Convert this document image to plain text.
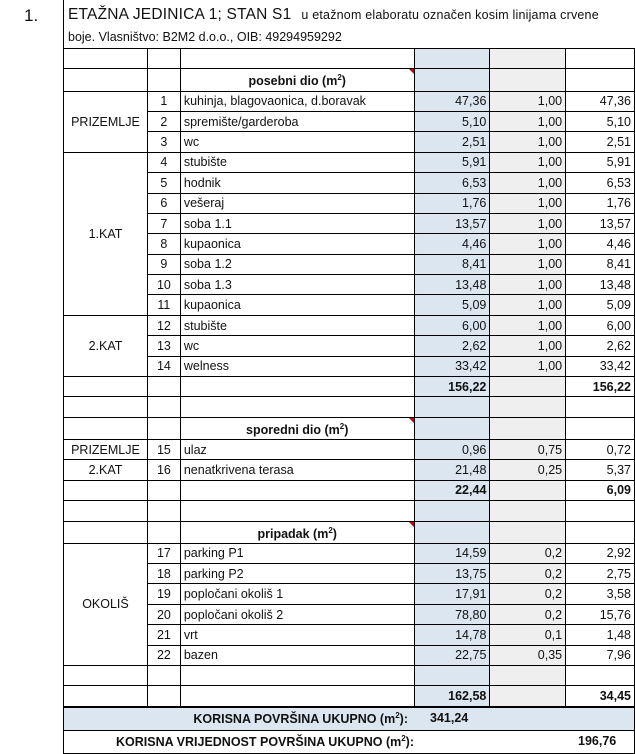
1. ETAŽNA JEDINICA 1; STAN S1 u etažnom elaboratu označen kosim linijama crvene
boje. Vlasništvo: B2M2 d.o.o., OIB: 49294959292

		posebni dio $(m^2)$			
PRIZEMLJE	1	kuhinja, blagovaonica, d.boravak	47,36	1,00	47,36
	2	spremište/garderoba	5,10	1,00	5,10
	3	wc	2,51	1,00	2,51
1.KAT	4	stubište	5,91	1,00	5,91
	5	hodnik	6,53	1,00	6,53
	6	vešeraj	1,76	1,00	1,76
	7	soba 1.1	13,57	1,00	13,57
	8	kupaonica	4,46	1,00	4,46
	9	soba 1.2	8,41	1,00	8,41
	10	soba 1.3	13,48	1,00	13,48
	11	kupaonica	5,09	1,00	5,09
2.KAT	12	stubište	6,00	1,00	6,00
	13	wc	2,62	1,00	2,62
	14	welness	33,42	1,00	33,42
			156,22		156,22

		sporedni dio $(m^2)$			
PRIZEMLJE	15	ulaz	0,96	0,75	0,72
2.KAT	16	nenatkrivena terasa	21,48	0,25	5,37
			22,44		6,09

		pripadak $(m^2)$			
OKOLIŠ	17	parking P1	14,59	0,2	2,92
	18	parking P2	13,75	0,2	2,75
	19	popločani okoliš 1	17,91	0,2	3,58
	20	popločani okoliš 2	78,80	0,2	15,76
	21	vrt	14,78	0,1	1,48
	22	bazen	22,75	0,35	7,96

			162,58		34,45

KORISNA POVRŠINA UKUPNO $(m^2)$: 341,24
KORISNA VRIJEDNOST POVRŠINA UKUPNO $(m^2)$:	196,76
